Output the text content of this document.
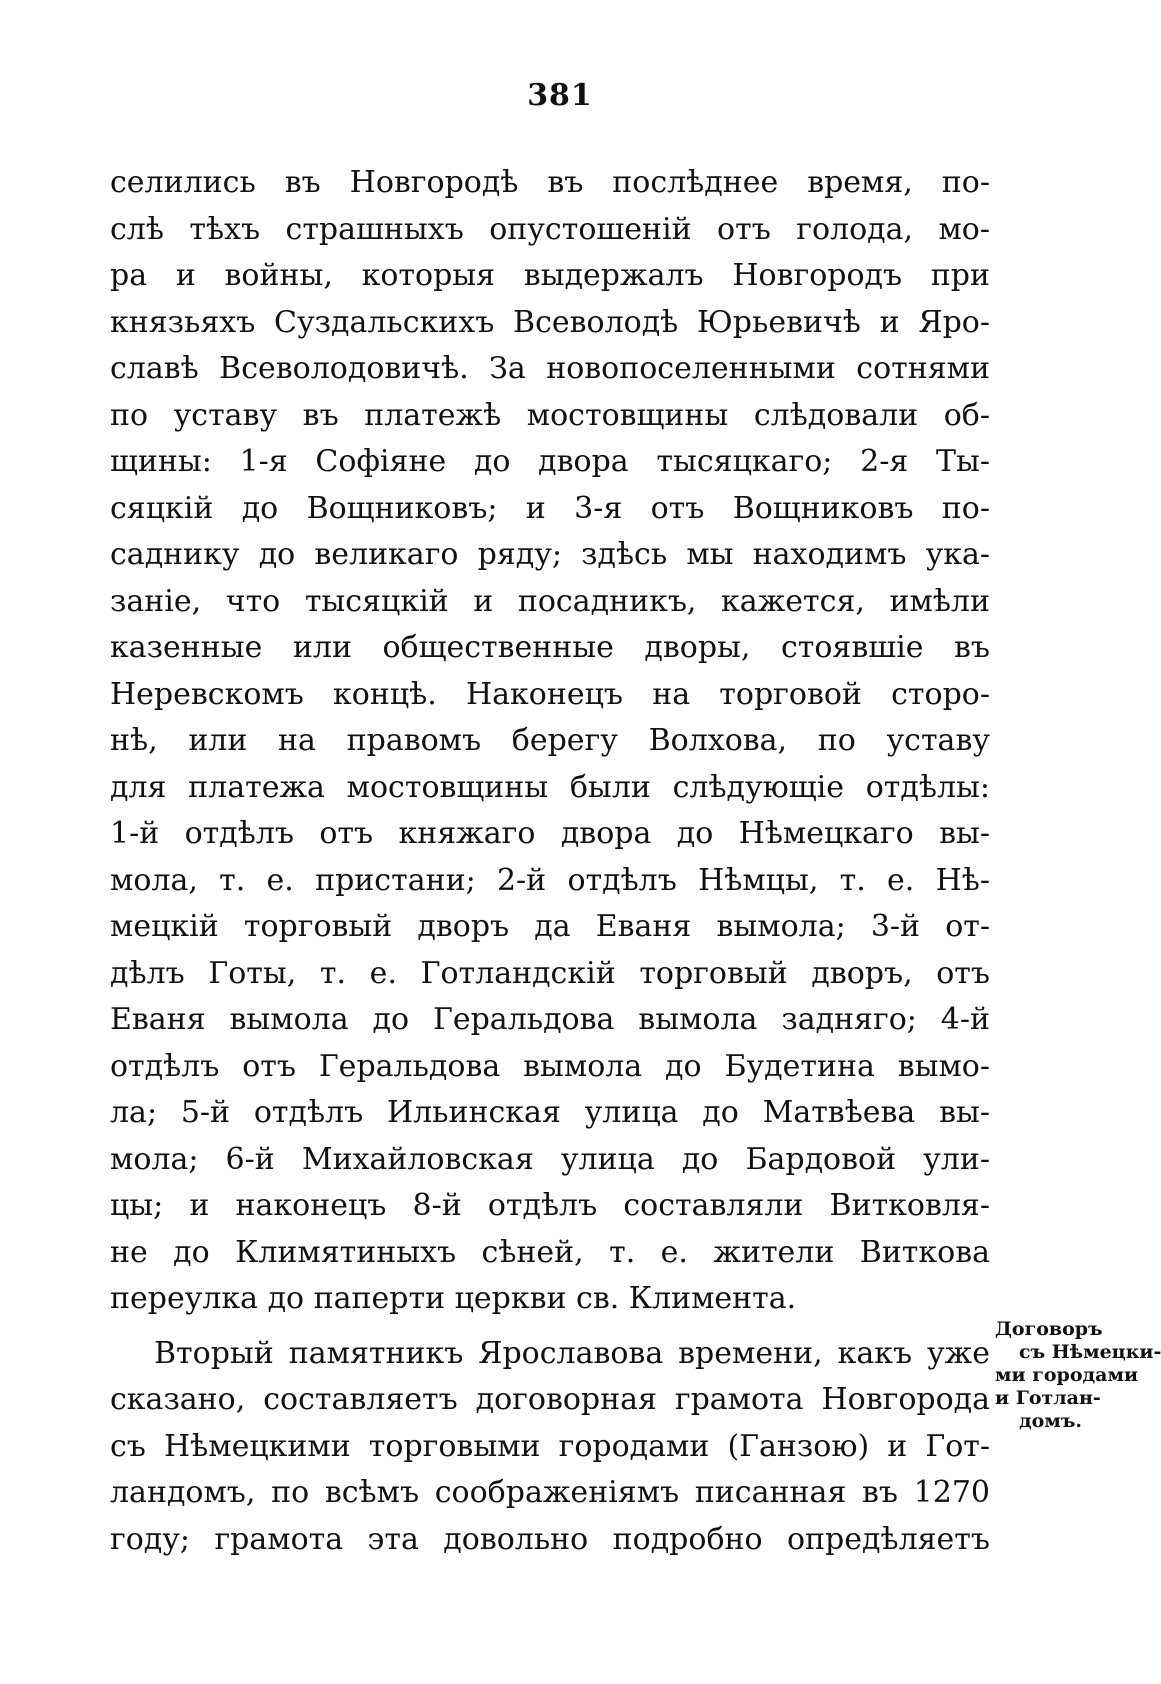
381
селились въ Новгородѣ въ послѣднее время, по-
слѣ тѣхъ страшныхъ опустошеній отъ голода, мо-
ра и войны, которыя выдержалъ Новгородъ при
князьяхъ Суздальскихъ Всеволодѣ Юрьевичѣ и Яро-
славѣ Всеволодовичѣ. За новопоселенными сотнями
по уставу въ платежѣ мостовщины слѣдовали об-
щины: 1-я Софіяне до двора тысяцкаго; 2-я Ты-
сяцкій до Вощниковъ; и 3-я отъ Вощниковъ по-
саднику до великаго ряду; здѣсь мы находимъ ука-
заніе, что тысяцкій и посадникъ, кажется, имѣли
казенные или общественные дворы, стоявшіе въ
Неревскомъ концѣ. Наконецъ на торговой сторо-
нѣ, или на правомъ берегу Волхова, по уставу
для платежа мостовщины были слѣдующіе отдѣлы:
1-й отдѣлъ отъ княжаго двора до Нѣмецкаго вы-
мола, т. е. пристани; 2-й отдѣлъ Нѣмцы, т. е. Нѣ-
мецкій торговый дворъ да Еваня вымола; 3-й от-
дѣлъ Готы, т. е. Готландскій торговый дворъ, отъ
Еваня вымола до Геральдова вымола задняго; 4-й
отдѣлъ отъ Геральдова вымола до Будетина вымо-
ла; 5-й отдѣлъ Ильинская улица до Матвѣева вы-
мола; 6-й Михайловская улица до Бардовой ули-
цы; и наконецъ 8-й отдѣлъ составляли Витковля-
не до Климятиныхъ сѣней, т. е. жители Виткова
переулка до паперти церкви св. Климента.
Вторый памятникъ Ярославова времени, какъ уже
сказано, составляетъ договорная грамота Новгорода
съ Нѣмецкими торговыми городами (Ганзою) и Гот-
ландомъ, по всѣмъ соображеніямъ писанная въ 1270
году; грамота эта довольно подробно опредѣляетъ
Договоръ
съ Нѣмецки-
ми городами
и Готлан-
домъ.
